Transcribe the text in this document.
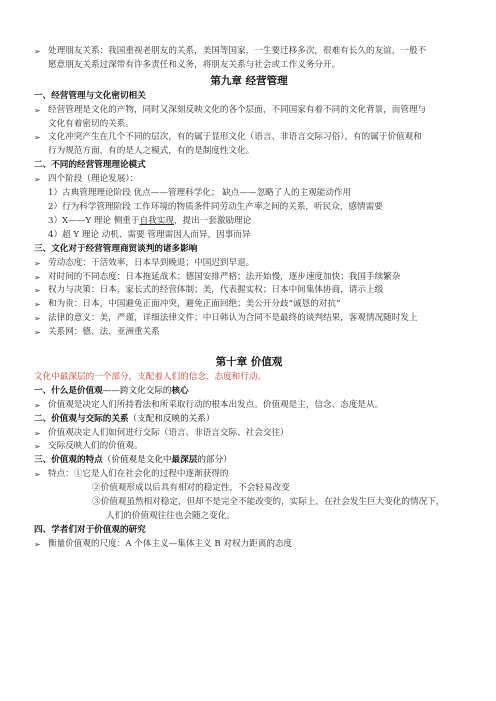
➢ 处理朋友关系：我国重视老朋友的关系，美国等国家，一生要迁移多次，很难有长久的友谊，一般不
愿意朋友关系过深带有许多责任和义务，将朋友关系与社会或工作义务分开。
第九章 经营管理
一、经营管理与文化密切相关
➢ 经营管理是文化的产物，同时又深刻反映文化的各个层面，不同国家有着不同的文化背景，而管理与
文化有着密切的关系。
➢ 文化冲突产生在几个不同的层次，有的属于显形文化（语言、非语言交际习俗），有的属于价值观和
行为规范方面，有的是人之模式，有的是制度性文化。
二、不同的经营管理理论模式
➢ 四个阶段（理论发展）：
1）古典管理理论阶段 优点——管理科学化； 缺点——忽略了人的主观能动作用
2）行为科学管理阶段 工作环境的物质条件同劳动生产率之间的关系，听民众，感情需要
3）X——Y 理论 侧重于自我实现，提出一套激励理论
4）超 Y 理论 动机、需要 管理需因人而异，因事而异
三、文化对于经营管理商贸谈判的诸多影响
➢ 劳动态度：干活效率，日本早到晚退；中国迟到早退。
➢ 对时间的不同态度：日本拖延战术；德国安排严格；法开始慢，逐步速度加快；我国手续繁杂
➢ 权力与决策：日本，家长式的经营体制；美，代表握实权；日本中间集体协商，请示上级
➢ 和为贵：日本，中国避免正面冲突，避免正面回绝；美公开分歧“诚恳的对抗”
➢ 法律的意义：美，严谨，详细法律文件；中日韩认为合同不是最终的谈判结果，客观情况随时发上
➢ 关系网：德、法、亚洲重关系
第十章 价值观
文化中最深层的一个部分，支配着人们的信念、态度和行动。
一、什么是价值观——跨文化交际的核心
➢ 价值观是决定人们所持看法和所采取行动的根本出发点。价值观是主，信念、态度是从。
二、价值观与交际的关系（支配和反映的关系）
➢ 价值观决定人们如何进行交际（语言、非语言交际、社会交往）
➢ 交际反映人们的价值观。
三、价值观的特点（价值观是文化中最深层的部分）
➢ 特点：①它是人们在社会化的过程中逐渐获得的
②价值观形成以后具有相对的稳定性，不会轻易改变
③价值观虽然相对稳定，但却不是完全不能改变的，实际上，在社会发生巨大变化的情况下，
人们的价值观往往也会随之变化。
四、学者们对于价值观的研究
➢ 衡量价值观的尺度：A 个体主义—集体主义 B 对权力距离的态度
